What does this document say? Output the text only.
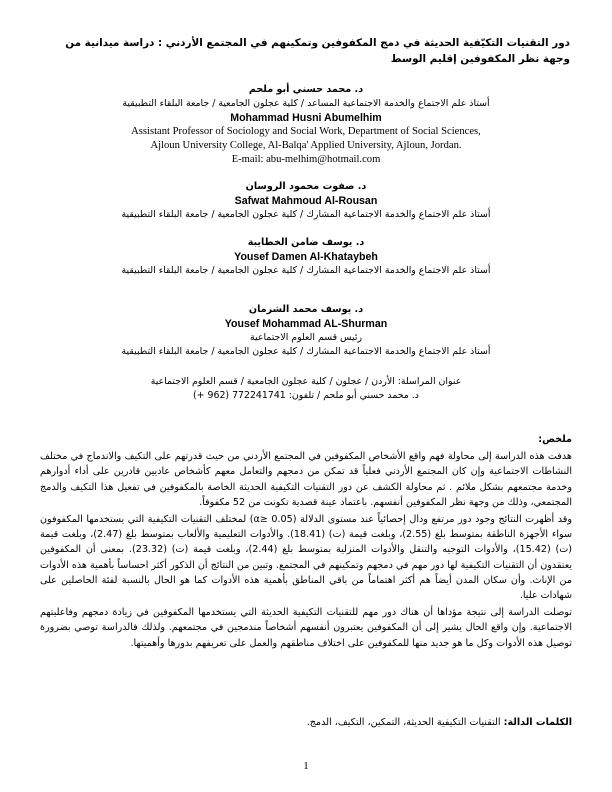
دور التقنيات التكيّفية الحديثة في دمج المكفوفين وتمكينهم في المجتمع الأردني : دراسة ميدانية من وجهة نظر المكفوفين إقليم الوسط
د. محمد حسني أبو ملحم
أستاذ علم الاجتماع والخدمة الاجتماعية المساعد / كلية عجلون الجامعية / جامعة البلقاء التطبيقية
Mohammad Husni Abumelhim
Assistant Professor of Sociology and Social Work, Department of Social Sciences,
Ajloun University College, Al-Balqa' Applied University, Ajloun, Jordan.
E-mail: abu-melhim@hotmail.com
د. صفوت محمود الروسان
Safwat Mahmoud Al-Rousan
أستاذ علم الاجتماع والخدمة الاجتماعية المشارك / كلية عجلون الجامعية / جامعة البلقاء التطبيقية
د. يوسف ضامن الخطايبة
Yousef Damen Al-Khataybeh
أستاذ علم الاجتماع والخدمة الاجتماعية المشارك / كلية عجلون الجامعية / جامعة البلقاء التطبيقية
د. يوسف محمد الشرمان
Yousef Mohammad AL-Shurman
رئيس قسم العلوم الاجتماعية
أستاذ علم الاجتماع والخدمة الاجتماعية المشارك / كلية عجلون الجامعية / جامعة البلقاء التطبيقية
عنوان المراسلة: الأردن / عجلون / كلية عجلون الجامعية / قسم العلوم الاجتماعية
د. محمد حسني أبو ملحم / تلفون: 772241741 (962 +)

ملخص:

هدفت هذه الدراسة إلى محاولة فهم واقع الأشخاص المكفوفين في المجتمع الأردني من حيث قدرتهم على التكيف والاندماج في مختلف النشاطات الاجتماعية وإن كان المجتمع الأردني فعلياً قد تمكن من دمجهم والتعامل معهم كأشخاص عاديين قادرين على أداء أدوارهم وخدمة مجتمعهم بشكل ملائم . ثم محاولة الكشف عن دور التقنيات التكيفية الحديثة الخاصة بالمكفوفين في تفعيل هذا التكيف والدمج المجتمعي، وذلك من وجهة نظر المكفوفين أنفسهم. باعتماد عينة قصدية تكونت من 52 مكفوفاً.

وقد أظهرت النتائج وجود دور مرتفع ودال إحصائياً عند مستوى الدلالة (α≥ 0.05) لمختلف التقنيات التكيفية التي يستخدمها المكفوفون سواء الأجهزة الناطقة بمتوسط بلغ (2.55)، وبلغت قيمة (ت) (18.41). والأدوات التعليمية والألعاب بمتوسط بلغ (2.47)، وبلغت قيمة (ت) (15.42)، والأدوات التوجيه والتنقل والأدوات المنزلية بمتوسط بلغ (2.44)، وبلغت قيمة (ت) (23.32). بمعنى أن المكفوفين يعتقدون أن التقنيات التكيفية لها دور مهم في دمجهم وتمكينهم في المجتمع. وتبين من النتائج أن الذكور أكثر احساساً بأهمية هذه الأدوات من الإناث. وأن سكان المدن أيضاً هم أكثر اهتماماً من باقي المناطق بأهمية هذه الأدوات كما هو الحال بالنسبة لفئة الحاصلين على شهادات عليا.

توصلت الدراسة إلى نتيجة مؤداها أن هناك دور مهم للتقنيات التكيفية الحديثة التي يستخدمها المكفوفين في زيادة دمجهم وفاعليتهم الاجتماعية. وإن واقع الحال يشير إلى أن المكفوفين يعتبرون أنفسهم أشخاصاً مندمجين في مجتمعهم. ولذلك فالدراسة توصي بضرورة توصيل هذه الأدوات وكل ما هو جديد منها للمكفوفين على اختلاف مناطقهم والعمل على تعريفهم بدورها وأهميتها.

الكلمات الدالة: التقنيات التكيفية الحديثة، التمكين، التكيف، الدمج.
1
